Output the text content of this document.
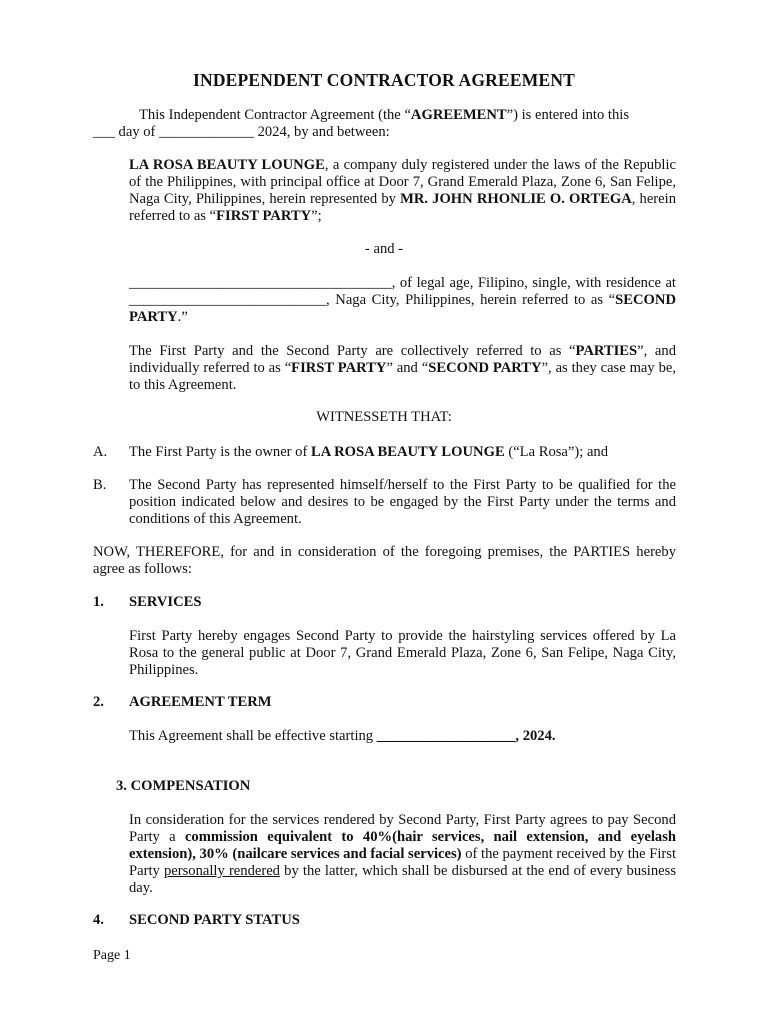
INDEPENDENT CONTRACTOR AGREEMENT

This Independent Contractor Agreement (the “AGREEMENT”) is entered into this
___ day of _____________ 2024, by and between:

LA ROSA BEAUTY LOUNGE, a company duly registered under the laws of the Republic of the Philippines, with principal office at Door 7, Grand Emerald Plaza, Zone 6, San Felipe, Naga City, Philippines, herein represented by MR. JOHN RHONLIE O. ORTEGA, herein referred to as “FIRST PARTY”;

- and -

____________________________________, of legal age, Filipino, single, with residence at ___________________________, Naga City, Philippines, herein referred to as “SECOND PARTY.”

The First Party and the Second Party are collectively referred to as “PARTIES”, and individually referred to as “FIRST PARTY” and “SECOND PARTY”, as they case may be, to this Agreement.

WITNESSETH THAT:

A. The First Party is the owner of LA ROSA BEAUTY LOUNGE (“La Rosa”); and

B. The Second Party has represented himself/herself to the First Party to be qualified for the position indicated below and desires to be engaged by the First Party under the terms and conditions of this Agreement.

NOW, THEREFORE, for and in consideration of the foregoing premises, the PARTIES hereby agree as follows:

1. SERVICES

First Party hereby engages Second Party to provide the hairstyling services offered by La Rosa to the general public at Door 7, Grand Emerald Plaza, Zone 6, San Felipe, Naga City, Philippines.

2. AGREEMENT TERM

This Agreement shall be effective starting ___________________, 2024.

3. COMPENSATION

In consideration for the services rendered by Second Party, First Party agrees to pay Second Party a commission equivalent to 40%(hair services, nail extension, and eyelash extension), 30% (nailcare services and facial services) of the payment received by the First Party personally rendered by the latter, which shall be disbursed at the end of every business day.

4. SECOND PARTY STATUS

Page 1
